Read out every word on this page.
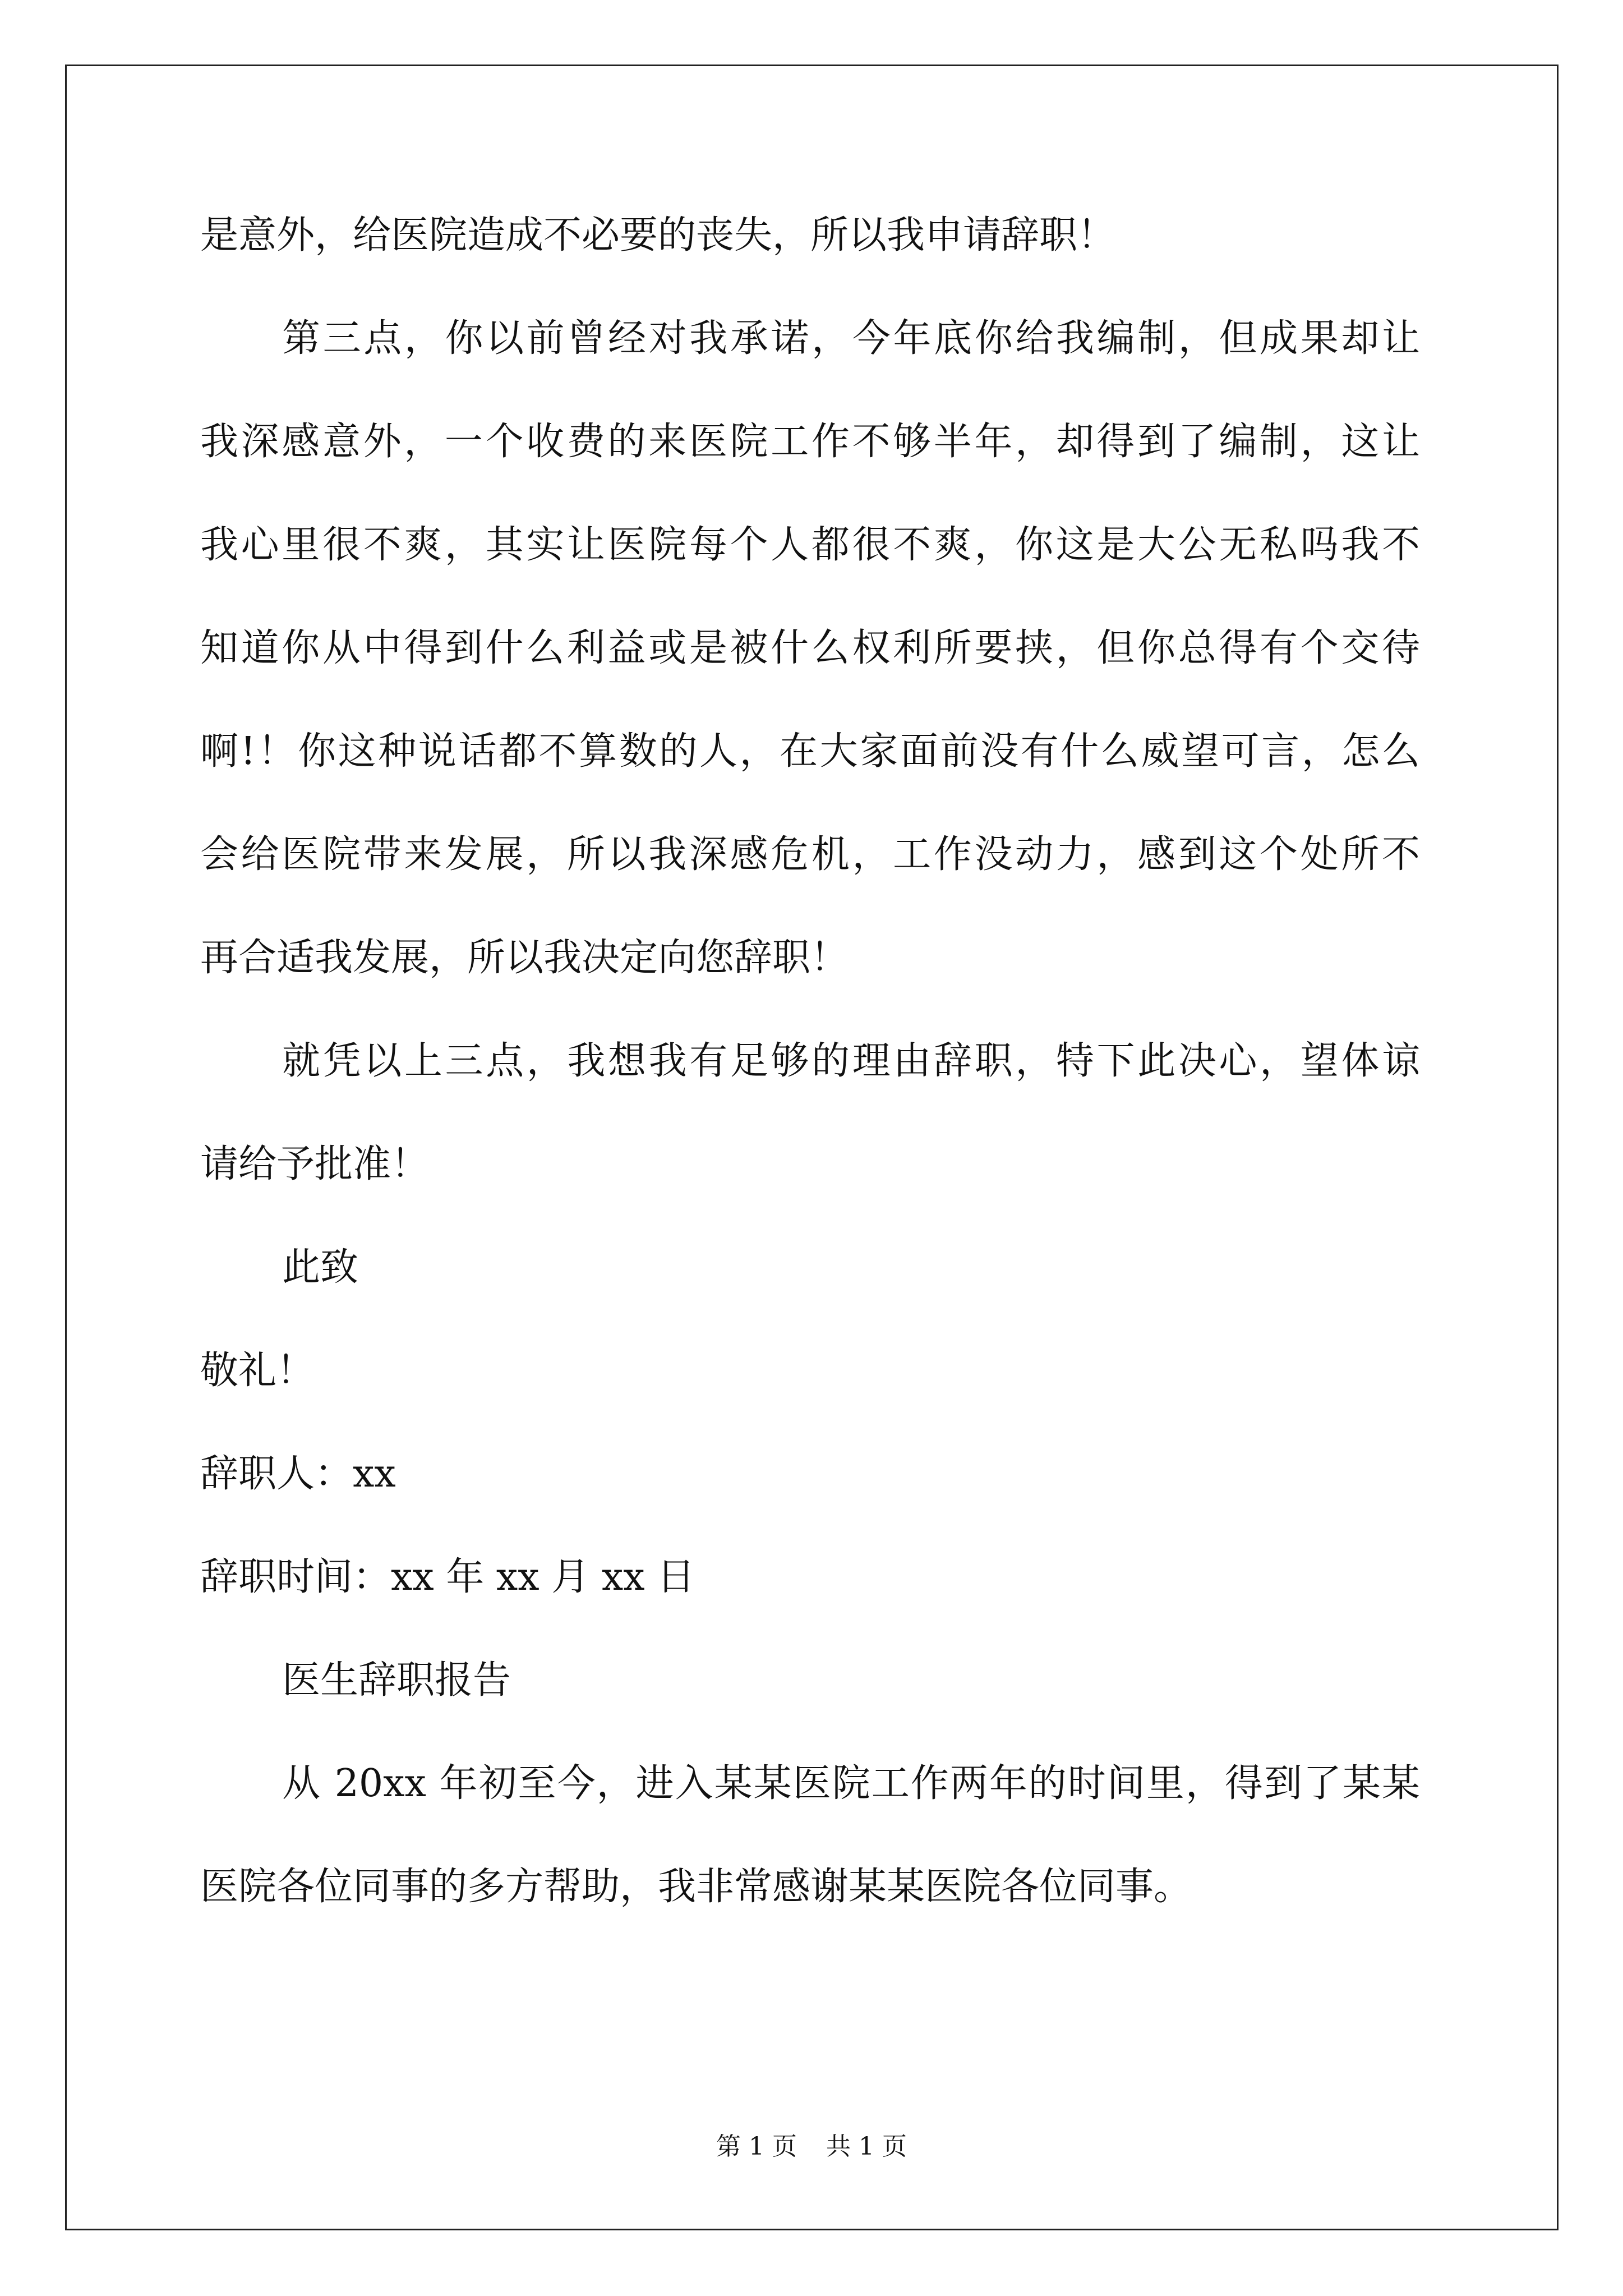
是意外，给医院造成不必要的丧失，所以我申请辞职！

第三点，你以前曾经对我承诺，今年底你给我编制，但成果却让
我深感意外，一个收费的来医院工作不够半年，却得到了编制，这让
我心里很不爽，其实让医院每个人都很不爽，你这是大公无私吗我不
知道你从中得到什么利益或是被什么权利所要挟，但你总得有个交待
啊!！你这种说话都不算数的人，在大家面前没有什么威望可言，怎么
会给医院带来发展，所以我深感危机，工作没动力，感到这个处所不
再合适我发展，所以我决定向您辞职！

就凭以上三点，我想我有足够的理由辞职，特下此决心，望体谅
请给予批准！

此致

敬礼！

辞职人：xx

辞职时间：xx 年 xx 月 xx 日

医生辞职报告

从 20xx 年初至今，进入某某医院工作两年的时间里，得到了某某
医院各位同事的多方帮助，我非常感谢某某医院各位同事。

第 1 页 共 1 页
